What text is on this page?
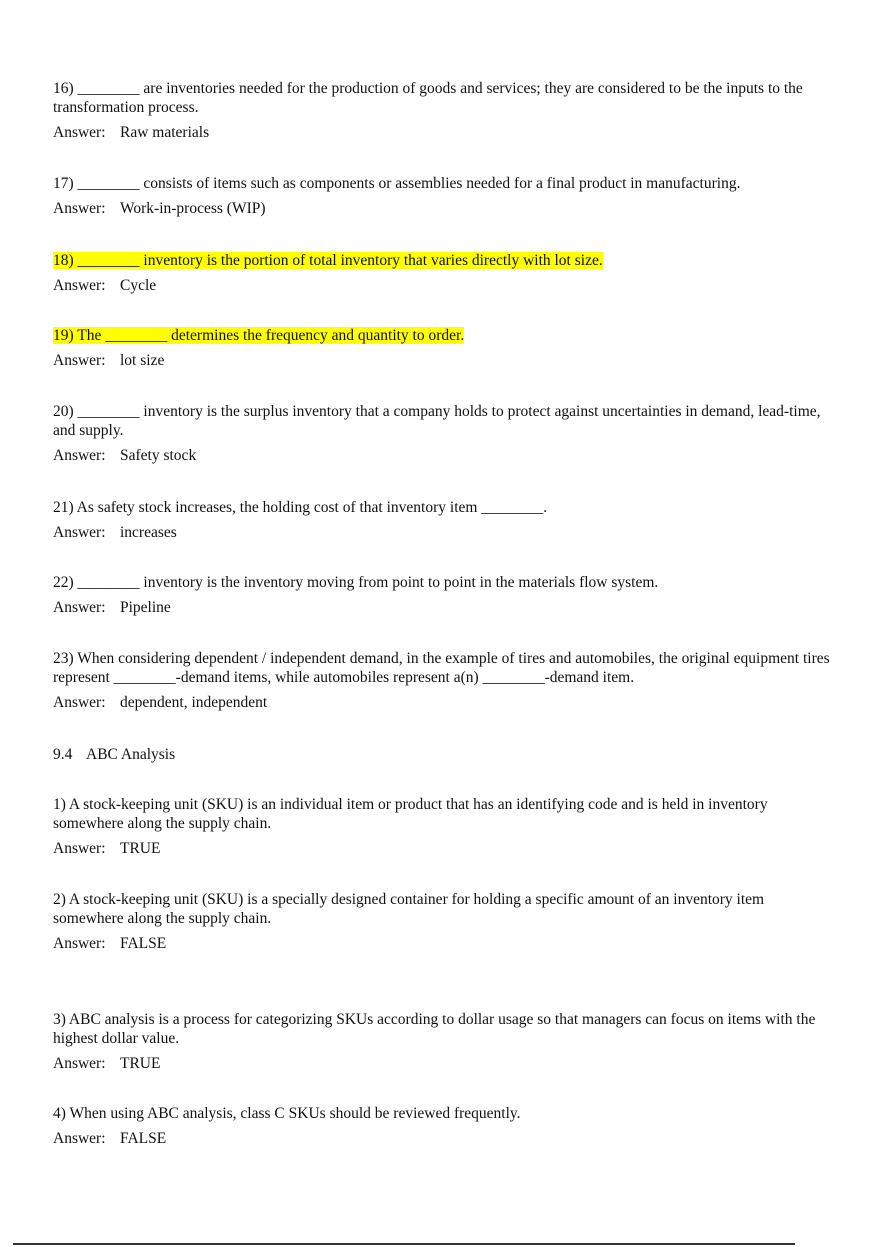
16) ________ are inventories needed for the production of goods and services; they are considered to be the inputs to the transformation process.

Answer: Raw materials

17) ________ consists of items such as components or assemblies needed for a final product in manufacturing.

Answer: Work-in-process (WIP)

18) ________ inventory is the portion of total inventory that varies directly with lot size.

Answer: Cycle

19) The ________ determines the frequency and quantity to order.

Answer: lot size

20) ________ inventory is the surplus inventory that a company holds to protect against uncertainties in demand, lead-time, and supply.

Answer: Safety stock

21) As safety stock increases, the holding cost of that inventory item ________.

Answer: increases

22) ________ inventory is the inventory moving from point to point in the materials flow system.

Answer: Pipeline

23) When considering dependent / independent demand, in the example of tires and automobiles, the original equipment tires represent ________-demand items, while automobiles represent a(n) ________-demand item.

Answer: dependent, independent

9.4 ABC Analysis

1) A stock-keeping unit (SKU) is an individual item or product that has an identifying code and is held in inventory somewhere along the supply chain.

Answer: TRUE

2) A stock-keeping unit (SKU) is a specially designed container for holding a specific amount of an inventory item somewhere along the supply chain.

Answer: FALSE

3) ABC analysis is a process for categorizing SKUs according to dollar usage so that managers can focus on items with the highest dollar value.

Answer: TRUE

4) When using ABC analysis, class C SKUs should be reviewed frequently.

Answer: FALSE
